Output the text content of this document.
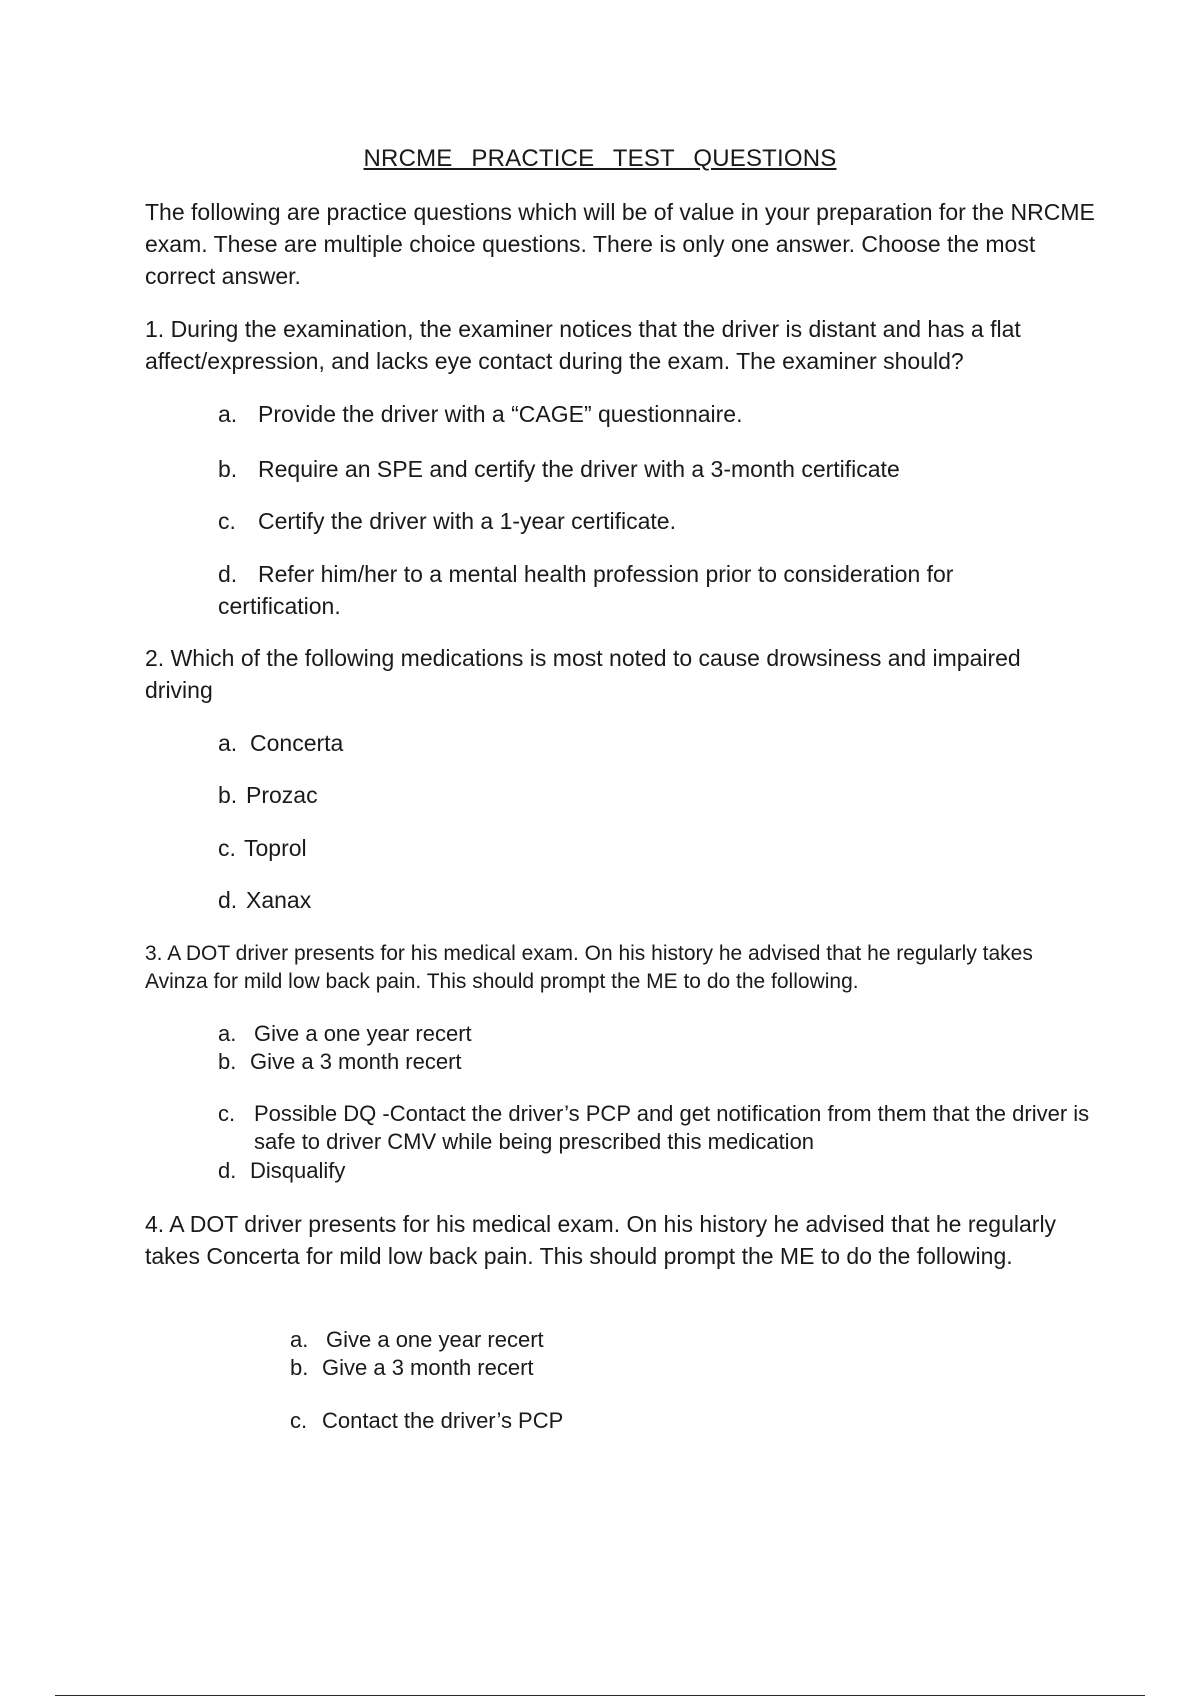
NRCME PRACTICE TEST QUESTIONS

The following are practice questions which will be of value in your preparation for the NRCME exam. These are multiple choice questions. There is only one answer. Choose the most correct answer.

1. During the examination, the examiner notices that the driver is distant and has a flat affect/expression, and lacks eye contact during the exam. The examiner should?

a. Provide the driver with a “CAGE” questionnaire.

b. Require an SPE and certify the driver with a 3-month certificate

c. Certify the driver with a 1-year certificate.

d. Refer him/her to a mental health profession prior to consideration for certification.

2. Which of the following medications is most noted to cause drowsiness and impaired driving

a. Concerta

b. Prozac

c. Toprol

d. Xanax

3. A DOT driver presents for his medical exam. On his history he advised that he regularly takes Avinza for mild low back pain. This should prompt the ME to do the following.

a. Give a one year recert

b. Give a 3 month recert

c. Possible DQ -Contact the driver’s PCP and get notification from them that the driver is safe to driver CMV while being prescribed this medication

d. Disqualify

4. A DOT driver presents for his medical exam. On his history he advised that he regularly takes Concerta for mild low back pain. This should prompt the ME to do the following.

a. Give a one year recert

b. Give a 3 month recert

c. Contact the driver’s PCP
